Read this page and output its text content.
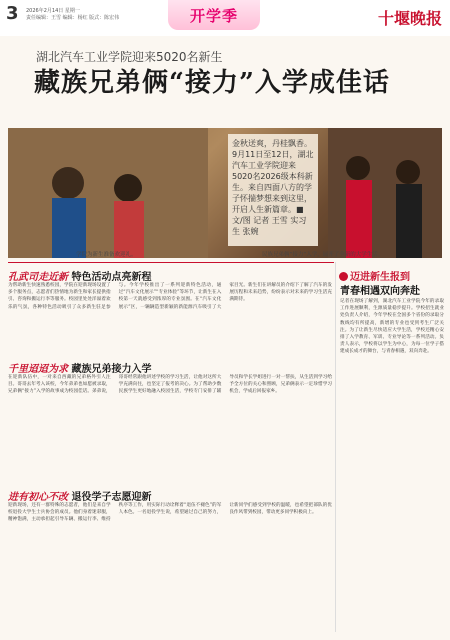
3 2026年2月14日 星期一
责任编辑：王雪 编辑：杨红 版式：陈宏伟	开学季	十堰晚报
湖北汽车工业学院迎来5020名新生
藏族兄弟俩“接力”入学成佳话
金秋送爽，丹桂飘香。9月11日至12日，湖北汽车工业学院迎来5020名2026级本科新生。来自四面八方的学子怀揣梦想来到这里，开启人生新篇章。■文/图 记者 王雪 实习生 张婉
学院为新生准备欢迎礼。	民族兄弟俩“接力”入学，展开了全新的大学生活。
孔武司走近新 特色活动点亮新程
为帮助新生快速熟悉校园，学院在迎新现场设置了多个服务点，志愿者们热情地为新生和家长提供指引、咨询和搬运行李等服务。校园里处处洋溢着欢乐的气氛，各种特色活动吸引了众多新生驻足参与。今年学校推出了一系列迎新特色活动，通过“汽车文化展示”“专业体验”等环节，让新生在入校第一天就感受到浓厚的专业氛围。在“汽车文化展示”区，一辆辆造型新颖的新能源汽车吸引了大家目光。新生们在讲解员的介绍下了解了汽车的发展历程和未来趋势，纷纷表示对未来的学习生活充满期待。
千里迢迢为求 藏族兄弟接力入学
在迎新队伍中，一对来自西藏的兄弟格外引人注目。哥哥去年考入该校，今年弟弟也如愿被录取，兄弟俩“接力”入学的故事成为校园佳话。弟弟说，哥哥经常跟他讲述学校的学习生活，让他对这所大学充满向往，也坚定了报考的决心。为了帮助少数民族学生更好地融入校园生活，学校专门安排了辅导员和学长学姐进行一对一帮扶，从生活到学习给予全方位的关心和照顾，兄弟俩表示一定珍惜学习机会，学成后回报家乡。
进有初心不改 退役学子志愿迎新
迎新现场，还有一群特殊的志愿者，他们是来自学校退役大学生士兵协会的成员。他们身着迷彩服，精神饱满，主动承担起引导车辆、搬运行李、维持秩序等工作，用实际行动诠释着“退伍不褪色”的军人本色。一名退役学生说，希望通过自己的努力，让新同学们感受到学校的温暖，也希望把部队的优良作风带到校园，带动更多同学积极向上。
迈进新生报到
青春相遇双向奔赴
记者在现场了解到，湖北汽车工业学院今年的录取工作进展顺利，生源质量稳步提升。学校招生就业处负责人介绍，今年学校在全国多个省份的录取分数线均有所提高，新增的专业也受到考生广泛关注。为了让新生尽快适应大学生活，学校还精心安排了入学教育、军训、专业导论等一系列活动。负责人表示，学校将以学生为中心，为每一位学子搭建成长成才的舞台，与青春相遇，双向奔赴。
